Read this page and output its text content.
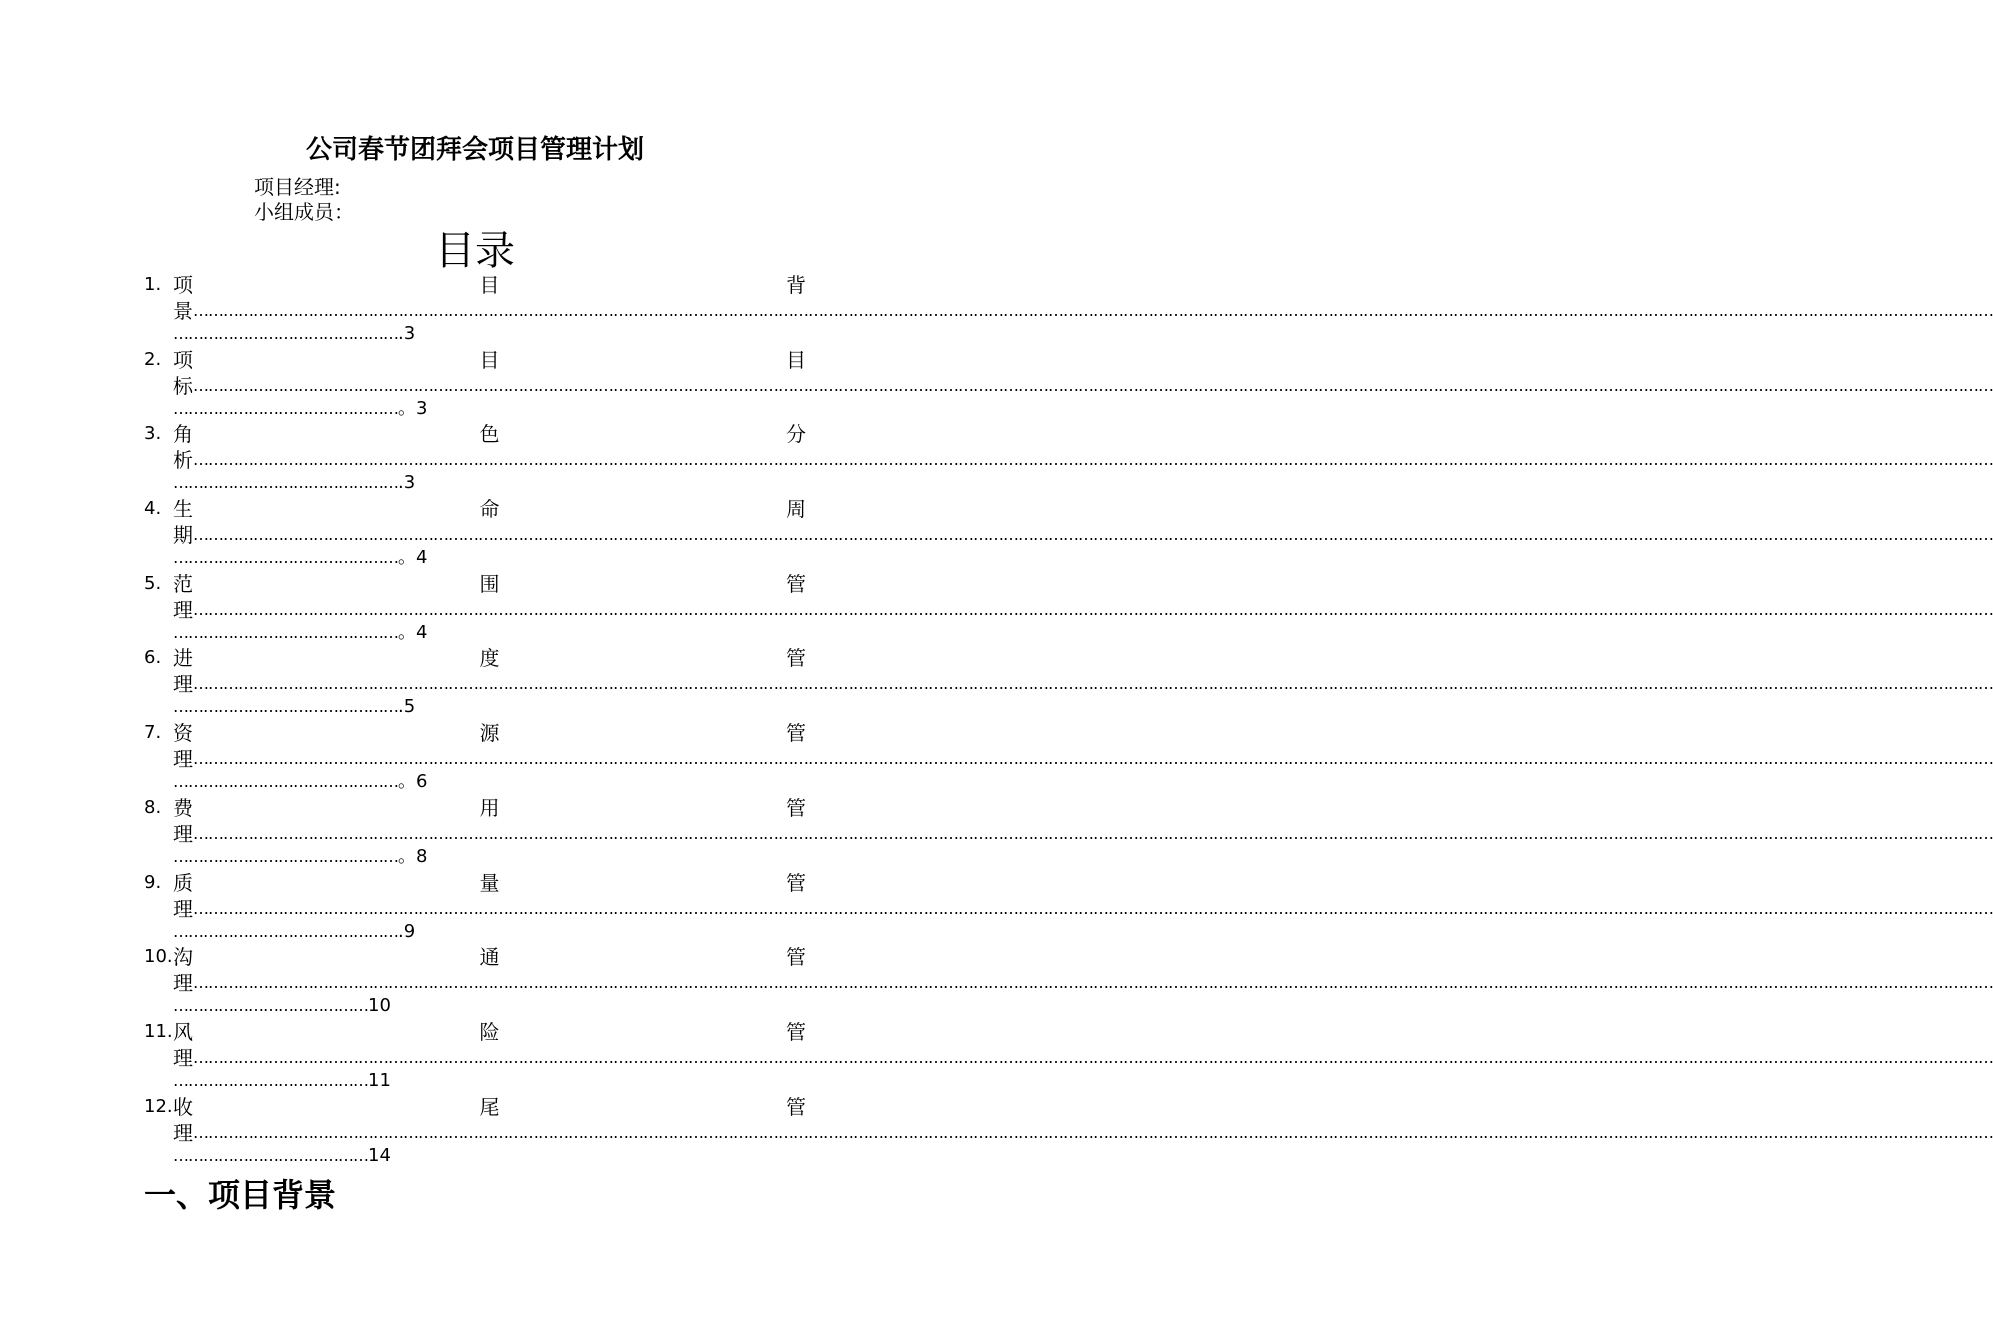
公司春节团拜会项目管理计划
项目经理:
小组成员：
目录
1. 项	目	背
景 ………………………………………………………………………………………………………………………………………………………………………………………………………………………………………………………………………………………………………………………………
……………………………………….3
2. 项	目	目
标 ………………………………………………………………………………………………………………………………………………………………………………………………………………………………………………………………………………………………………………………………
………………………………………。3
3. 角	色	分
析 ………………………………………………………………………………………………………………………………………………………………………………………………………………………………………………………………………………………………………………………………
……………………………………….3
4. 生	命	周
期 ………………………………………………………………………………………………………………………………………………………………………………………………………………………………………………………………………………………………………………………………
………………………………………。4
5. 范	围	管
理 ………………………………………………………………………………………………………………………………………………………………………………………………………………………………………………………………………………………………………………………………
………………………………………。4
6. 进	度	管
理 ………………………………………………………………………………………………………………………………………………………………………………………………………………………………………………………………………………………………………………………………
……………………………………….5
7. 资	源	管
理 ………………………………………………………………………………………………………………………………………………………………………………………………………………………………………………………………………………………………………………………………
………………………………………。6
8. 费	用	管
理 ………………………………………………………………………………………………………………………………………………………………………………………………………………………………………………………………………………………………………………………………
………………………………………。8
9. 质	量	管
理 ………………………………………………………………………………………………………………………………………………………………………………………………………………………………………………………………………………………………………………………………
……………………………………….9
10. 沟	通	管
理 ………………………………………………………………………………………………………………………………………………………………………………………………………………………………………………………………………………………………………………………………
…………………………………10
11. 风	险	管
理 ………………………………………………………………………………………………………………………………………………………………………………………………………………………………………………………………………………………………………………………………
…………………………………11
12. 收	尾	管
理 ………………………………………………………………………………………………………………………………………………………………………………………………………………………………………………………………………………………………………………………………
…………………………………14
一、项目背景
